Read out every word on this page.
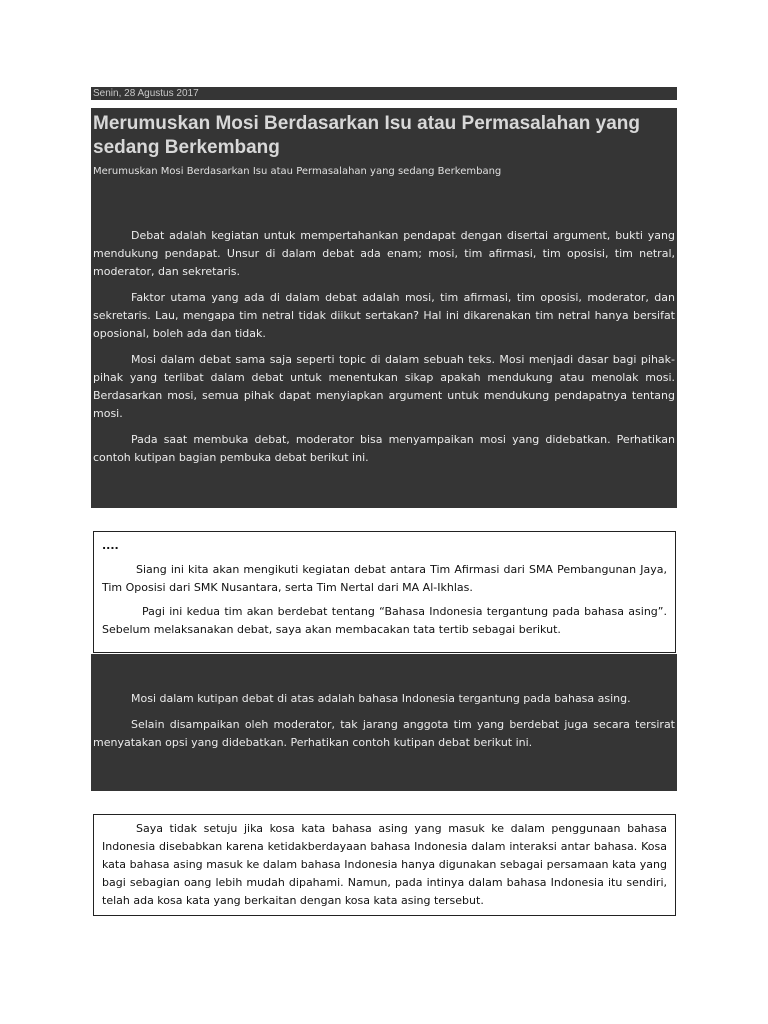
Senin, 28 Agustus 2017
Merumuskan Mosi Berdasarkan Isu atau Permasalahan yang sedang Berkembang

Merumuskan Mosi Berdasarkan Isu atau Permasalahan yang sedang Berkembang

Debat adalah kegiatan untuk mempertahankan pendapat dengan disertai argument, bukti yang mendukung pendapat. Unsur di dalam debat ada enam; mosi, tim afirmasi, tim oposisi, tim netral, moderator, dan sekretaris.

Faktor utama yang ada di dalam debat adalah mosi, tim afirmasi, tim oposisi, moderator, dan sekretaris. Lau, mengapa tim netral tidak diikut sertakan? Hal ini dikarenakan tim netral hanya bersifat oposional, boleh ada dan tidak.

Mosi dalam debat sama saja seperti topic di dalam sebuah teks. Mosi menjadi dasar bagi pihak-pihak yang terlibat dalam debat untuk menentukan sikap apakah mendukung atau menolak mosi. Berdasarkan mosi, semua pihak dapat menyiapkan argument untuk mendukung pendapatnya tentang mosi.

Pada saat membuka debat, moderator bisa menyampaikan mosi yang didebatkan. Perhatikan contoh kutipan bagian pembuka debat berikut ini.

....

Siang ini kita akan mengikuti kegiatan debat antara Tim Afirmasi dari SMA Pembangunan Jaya, Tim Oposisi dari SMK Nusantara, serta Tim Nertal dari MA Al-Ikhlas.

Pagi ini kedua tim akan berdebat tentang “Bahasa Indonesia tergantung pada bahasa asing”. Sebelum melaksanakan debat, saya akan membacakan tata tertib sebagai berikut.

Mosi dalam kutipan debat di atas adalah bahasa Indonesia tergantung pada bahasa asing.

Selain disampaikan oleh moderator, tak jarang anggota tim yang berdebat juga secara tersirat menyatakan opsi yang didebatkan. Perhatikan contoh kutipan debat berikut ini.

Saya tidak setuju jika kosa kata bahasa asing yang masuk ke dalam penggunaan bahasa Indonesia disebabkan karena ketidakberdayaan bahasa Indonesia dalam interaksi antar bahasa. Kosa kata bahasa asing masuk ke dalam bahasa Indonesia hanya digunakan sebagai persamaan kata yang bagi sebagian oang lebih mudah dipahami. Namun, pada intinya dalam bahasa Indonesia itu sendiri, telah ada kosa kata yang berkaitan dengan kosa kata asing tersebut.
